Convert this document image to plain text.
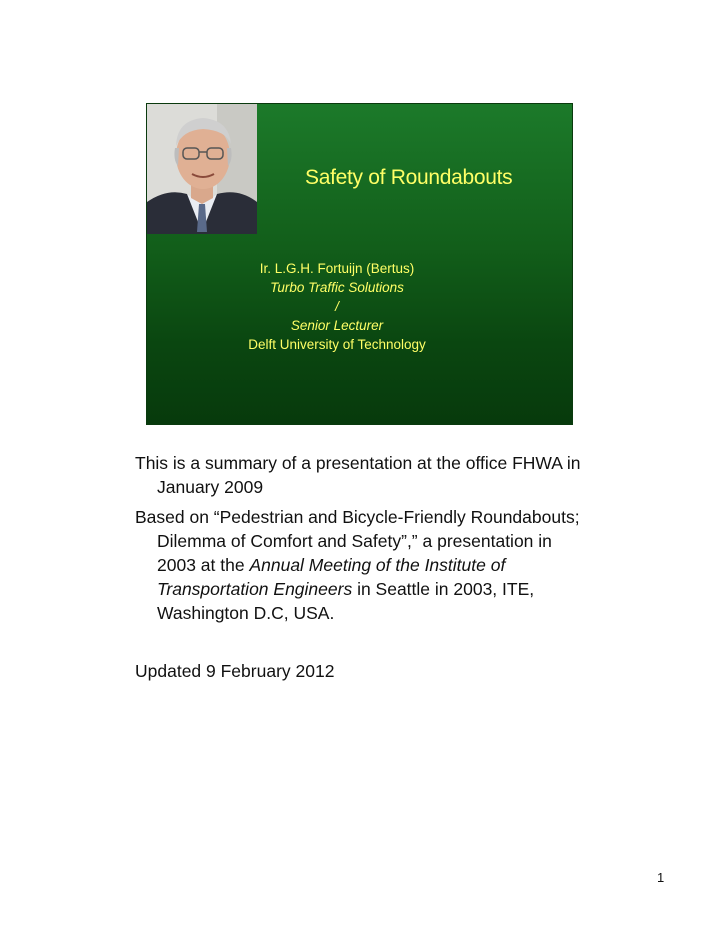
Safety of Roundabouts
Ir. L.G.H. Fortuijn (Bertus)
Turbo Traffic Solutions
/
Senior Lecturer
Delft University of Technology

This is a summary of a presentation at the office FHWA in January 2009

Based on “Pedestrian and Bicycle-Friendly Roundabouts; Dilemma of Comfort and Safety”,” a presentation in 2003 at the Annual Meeting of the Institute of Transportation Engineers in Seattle in 2003, ITE, Washington D.C, USA.

Updated 9 February 2012

1
